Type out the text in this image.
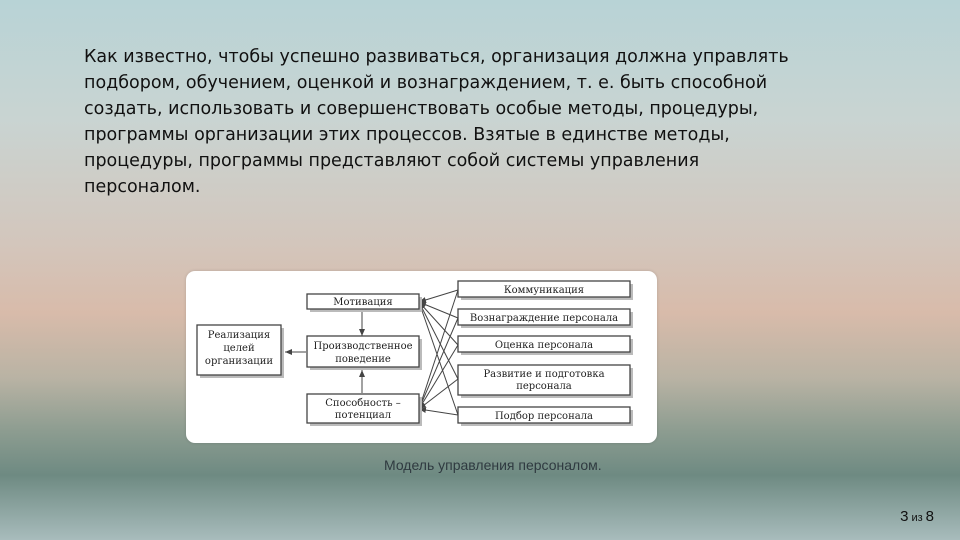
Как известно, чтобы успешно развиваться, организация должна управлять
подбором, обучением, оценкой и вознаграждением, т. е. быть способной
создать, использовать и совершенствовать особые методы, процедуры,
программы организации этих процессов. Взятые в единстве методы,
процедуры, программы представляют собой системы управления
персоналом.

Реализация
целей
организации
Мотивация
Производственное
поведение
Способность –
потенциал
Коммуникация
Вознаграждение персонала
Оценка персонала
Развитие и подготовка
персонала
Подбор персонала
Модель управления персоналом.
3 из 8
